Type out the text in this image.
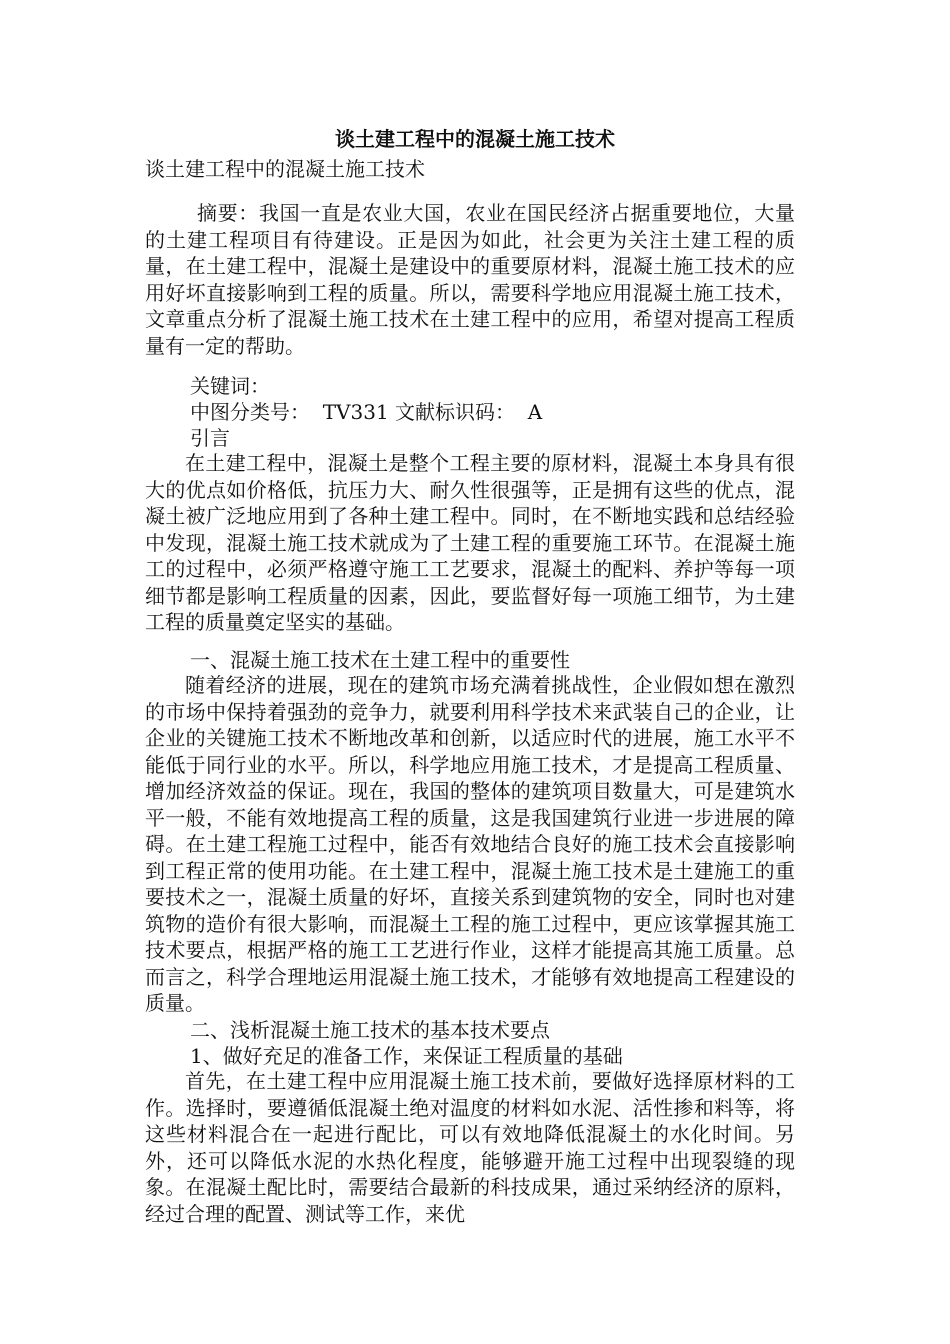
谈土建工程中的混凝土施工技术
谈土建工程中的混凝土施工技术

摘要：我国一直是农业大国，农业在国民经济占据重要地位，大量的土建工程项目有待建设。正是因为如此，社会更为关注土建工程的质量，在土建工程中，混凝土是建设中的重要原材料，混凝土施工技术的应用好坏直接影响到工程的质量。所以，需要科学地应用混凝土施工技术，文章重点分析了混凝土施工技术在土建工程中的应用，希望对提高工程质量有一定的帮助。

关键词：
中图分类号：  TV331 文献标识码：  A
引言

在土建工程中，混凝土是整个工程主要的原材料，混凝土本身具有很大的优点如价格低，抗压力大、耐久性很强等，正是拥有这些的优点，混凝土被广泛地应用到了各种土建工程中。同时，在不断地实践和总结经验中发现，混凝土施工技术就成为了土建工程的重要施工环节。在混凝土施工的过程中，必须严格遵守施工工艺要求，混凝土的配料、养护等每一项细节都是影响工程质量的因素，因此，要监督好每一项施工细节，为土建工程的质量奠定坚实的基础。

一、混凝土施工技术在土建工程中的重要性

随着经济的进展，现在的建筑市场充满着挑战性，企业假如想在激烈的市场中保持着强劲的竞争力，就要利用科学技术来武装自己的企业，让企业的关键施工技术不断地改革和创新，以适应时代的进展，施工水平不能低于同行业的水平。所以，科学地应用施工技术，才是提高工程质量、增加经济效益的保证。现在，我国的整体的建筑项目数量大，可是建筑水平一般，不能有效地提高工程的质量，这是我国建筑行业进一步进展的障碍。在土建工程施工过程中，能否有效地结合良好的施工技术会直接影响到工程正常的使用功能。在土建工程中，混凝土施工技术是土建施工的重要技术之一，混凝土质量的好坏，直接关系到建筑物的安全，同时也对建筑物的造价有很大影响，而混凝土工程的施工过程中，更应该掌握其施工技术要点，根据严格的施工工艺进行作业，这样才能提高其施工质量。总而言之，科学合理地运用混凝土施工技术，才能够有效地提高工程建设的质量。

二、浅析混凝土施工技术的基本技术要点
1、做好充足的准备工作，来保证工程质量的基础

首先，在土建工程中应用混凝土施工技术前，要做好选择原材料的工作。选择时，要遵循低混凝土绝对温度的材料如水泥、活性掺和料等，将这些材料混合在一起进行配比，可以有效地降低混凝土的水化时间。另外，还可以降低水泥的水热化程度，能够避开施工过程中出现裂缝的现象。在混凝土配比时，需要结合最新的科技成果，通过采纳经济的原料，经过合理的配置、测试等工作，来优
